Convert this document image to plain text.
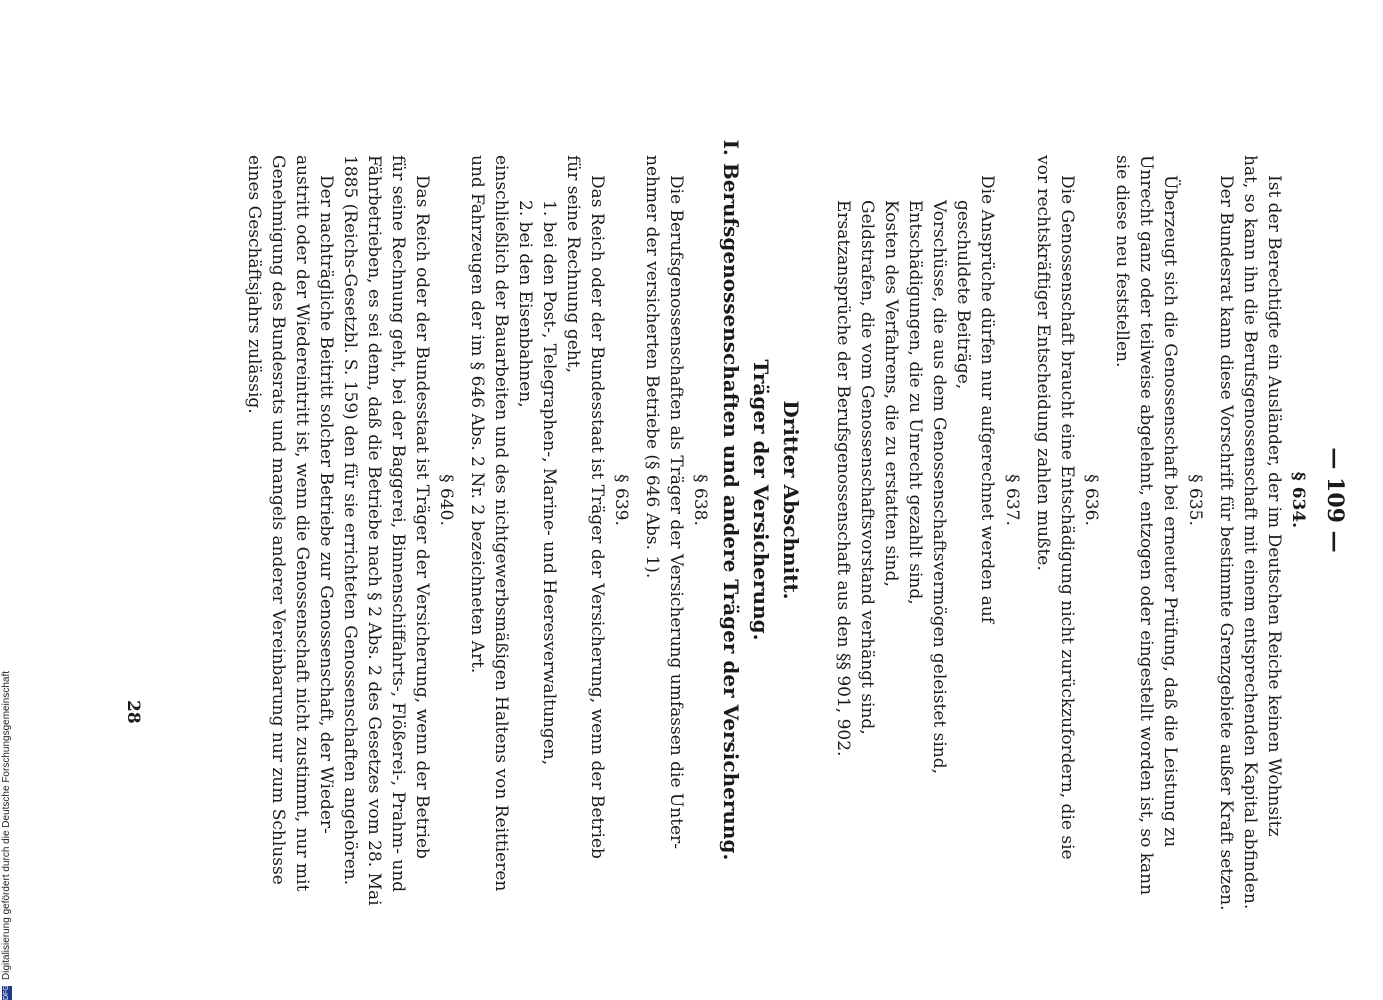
— 109 —
§ 634.
Ist der Berechtigte ein Ausländer, der im Deutschen Reiche keinen Wohnsitz
hat, so kann ihn die Berufsgenossenschaft mit einem entsprechenden Kapital abfinden.
Der Bundesrat kann diese Vorschrift für bestimmte Grenzgebiete außer Kraft setzen.
§ 635.
Überzeugt sich die Genossenschaft bei erneuter Prüfung, daß die Leistung zu
Unrecht ganz oder teilweise abgelehnt, entzogen oder eingestellt worden ist, so kann
sie diese neu feststellen.
§ 636.
Die Genossenschaft braucht eine Entschädigung nicht zurückzufordern, die sie
vor rechtskräftiger Entscheidung zahlen mußte.
§ 637.
Die Ansprüche dürfen nur aufgerechnet werden auf
geschuldete Beiträge,
Vorschüsse, die aus dem Genossenschaftsvermögen geleistet sind,
Entschädigungen, die zu Unrecht gezahlt sind,
Kosten des Verfahrens, die zu erstatten sind,
Geldstrafen, die vom Genossenschaftsvorstand verhängt sind,
Ersatzansprüche der Berufsgenossenschaft aus den §§ 901, 902.
Dritter Abschnitt.
Träger der Versicherung.
I. Berufsgenossenschaften und andere Träger der Versicherung.
§ 638.
Die Berufsgenossenschaften als Träger der Versicherung umfassen die Unter-
nehmer der versicherten Betriebe (§ 646 Abs. 1).
§ 639.
Das Reich oder der Bundesstaat ist Träger der Versicherung, wenn der Betrieb
für seine Rechnung geht,
1. bei den Post-, Telegraphen-, Marine- und Heeresverwaltungen,
2. bei den Eisenbahnen,
einschließlich der Bauarbeiten und des nichtgewerbsmäßigen Haltens von Reittieren
und Fahrzeugen der im § 646 Abs. 2 Nr. 2 bezeichneten Art.
§ 640.
Das Reich oder der Bundesstaat ist Träger der Versicherung, wenn der Betrieb
für seine Rechnung geht, bei der Baggerei, Binnenschiffahrts-, Flößerei-, Prahm- und
Fährbetrieben, es sei denn, daß die Betriebe nach § 2 Abs. 2 des Gesetzes vom 28. Mai
1885 (Reichs-Gesetzbl. S. 159) den für sie errichteten Genossenschaften angehören.
Der nachträgliche Beitritt solcher Betriebe zur Genossenschaft, der Wieder-
austritt oder der Wiedereintritt ist, wenn die Genossenschaft nicht zustimmt, nur mit
Genehmigung des Bundesrats und mangels anderer Vereinbarung nur zum Schlusse
eines Geschäftsjahrs zulässig.
28
DFG
Digitalisierung gefördert durch die Deutsche Forschungsgemeinschaft
